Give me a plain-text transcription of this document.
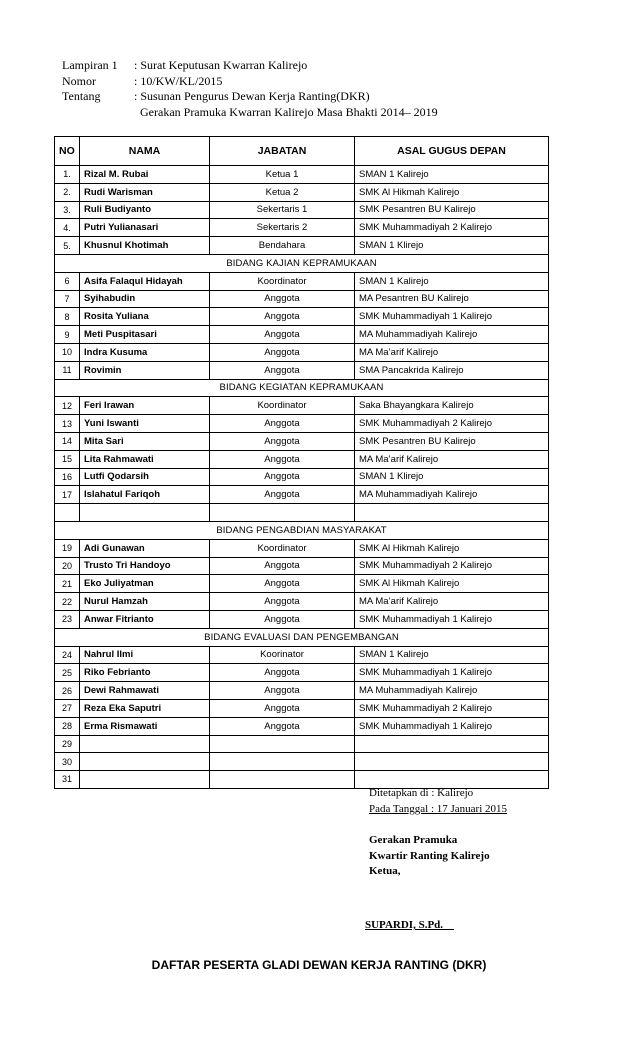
Lampiran 1	: Surat Keputusan Kwarran Kalirejo
Nomor	: 10/KW/KL/2015
Tentang	: Susunan Pengurus Dewan Kerja Ranting(DKR)
Gerakan Pramuka Kwarran Kalirejo Masa Bhakti 2014– 2019
NO	NAMA	JABATAN	ASAL GUGUS DEPAN
1.	Rizal M. Rubai	Ketua 1	SMAN 1 Kalirejo
2.	Rudi Warisman	Ketua 2	SMK Al Hikmah Kalirejo
3.	Ruli Budiyanto	Sekertaris 1	SMK Pesantren BU Kalirejo
4.	Putri Yulianasari	Sekertaris 2	SMK Muhammadiyah 2 Kalirejo
5.	Khusnul Khotimah	Bendahara	SMAN 1 Klirejo
BIDANG KAJIAN KEPRAMUKAAN			
6	Asifa Falaqul Hidayah	Koordinator	SMAN 1 Kalirejo
7	Syihabudin	Anggota	MA Pesantren BU Kalirejo
8	Rosita Yuliana	Anggota	SMK Muhammadiyah 1 Kalirejo
9	Meti Puspitasari	Anggota	MA Muhammadiyah Kalirejo
10	Indra Kusuma	Anggota	MA Ma’arif Kalirejo
11	Rovimin	Anggota	SMA Pancakrida Kalirejo
BIDANG KEGIATAN KEPRAMUKAAN			
12	Feri Irawan	Koordinator	Saka Bhayangkara Kalirejo
13	Yuni Iswanti	Anggota	SMK Muhammadiyah 2 Kalirejo
14	Mita Sari	Anggota	SMK Pesantren BU Kalirejo
15	Lita Rahmawati	Anggota	MA Ma’arif Kalirejo
16	Lutfi Qodarsih	Anggota	SMAN 1 Klirejo
17	Islahatul Fariqoh	Anggota	MA Muhammadiyah Kalirejo

BIDANG PENGABDIAN MASYARAKAT			
19	Adi Gunawan	Koordinator	SMK Al Hikmah Kalirejo
20	Trusto Tri Handoyo	Anggota	SMK Muhammadiyah 2 Kalirejo
21	Eko Juliyatman	Anggota	SMK Al Hikmah Kalirejo
22	Nurul Hamzah	Anggota	MA Ma’arif Kalirejo
23	Anwar Fitrianto	Anggota	SMK Muhammadiyah 1 Kalirejo
BIDANG EVALUASI DAN PENGEMBANGAN			
24	Nahrul Ilmi	Koorinator	SMAN 1 Kalirejo
25	Riko Febrianto	Anggota	SMK Muhammadiyah 1 Kalirejo
26	Dewi Rahmawati	Anggota	MA Muhammadiyah Kalirejo
27	Reza Eka Saputri	Anggota	SMK Muhammadiyah 2 Kalirejo
28	Erma Rismawati	Anggota	SMK Muhammadiyah 1 Kalirejo
29			
30			
31			
Ditetapkan di : Kalirejo
Pada Tanggal : 17 Januari 2015
Gerakan Pramuka
Kwartir Ranting Kalirejo
Ketua,
SUPARDI, S.Pd.
DAFTAR PESERTA GLADI DEWAN KERJA RANTING (DKR)
